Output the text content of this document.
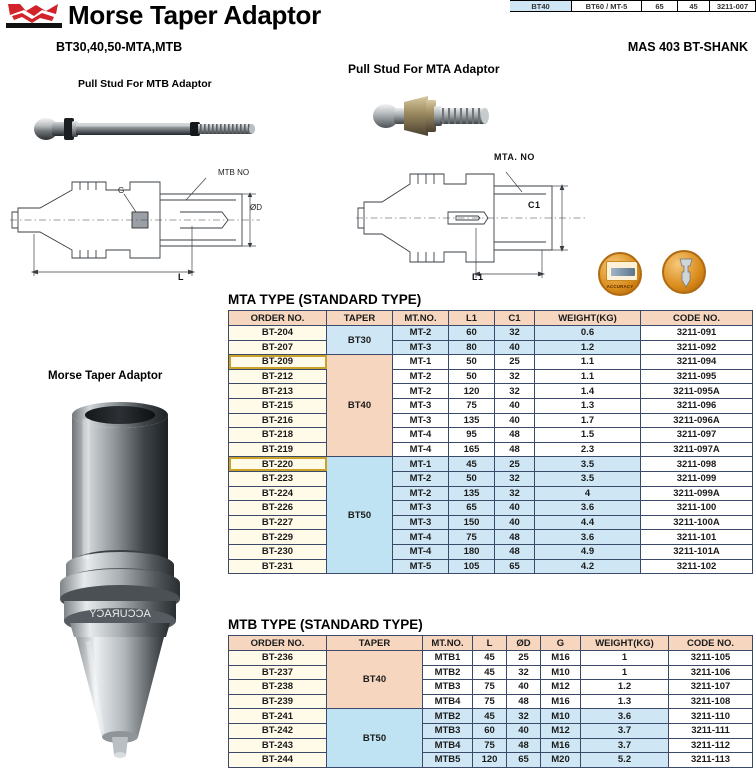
BT40	BT60 / MT-5	65	45	3211-007
Morse Taper Adaptor
BT30,40,50-MTA,MTB	MAS 403 BT-SHANK
Pull Stud For MTB Adaptor
Pull Stud For MTA Adaptor
Morse Taper Adaptor
MTB NO
ØD
L
G
MTA. NO
C1
L1
ACCURACY
ACCURACY
MTA TYPE (STANDARD TYPE)
ORDER NO.	TAPER	MT.NO.	L1	C1	WEIGHT(KG)	CODE NO.
BT-204	BT30	MT-2	60	32	0.6	3211-091
BT-207		MT-3	80	40	1.2	3211-092
BT-209	BT40	MT-1	50	25	1.1	3211-094
BT-212		MT-2	50	32	1.1	3211-095
BT-213		MT-2	120	32	1.4	3211-095A
BT-215		MT-3	75	40	1.3	3211-096
BT-216		MT-3	135	40	1.7	3211-096A
BT-218		MT-4	95	48	1.5	3211-097
BT-219		MT-4	165	48	2.3	3211-097A
BT-220	BT50	MT-1	45	25	3.5	3211-098
BT-223		MT-2	50	32	3.5	3211-099
BT-224		MT-2	135	32	4	3211-099A
BT-226		MT-3	65	40	3.6	3211-100
BT-227		MT-3	150	40	4.4	3211-100A
BT-229		MT-4	75	48	3.6	3211-101
BT-230		MT-4	180	48	4.9	3211-101A
BT-231		MT-5	105	65	4.2	3211-102
MTB TYPE (STANDARD TYPE)
ORDER NO.	TAPER	MT.NO.	L	ØD	G	WEIGHT(KG)	CODE NO.
BT-236	BT40	MTB1	45	25	M16	1	3211-105
BT-237		MTB2	45	32	M10	1	3211-106
BT-238		MTB3	75	40	M12	1.2	3211-107
BT-239		MTB4	75	48	M16	1.3	3211-108
BT-241	BT50	MTB2	45	32	M10	3.6	3211-110
BT-242		MTB3	60	40	M12	3.7	3211-111
BT-243		MTB4	75	48	M16	3.7	3211-112
BT-244		MTB5	120	65	M20	5.2	3211-113
